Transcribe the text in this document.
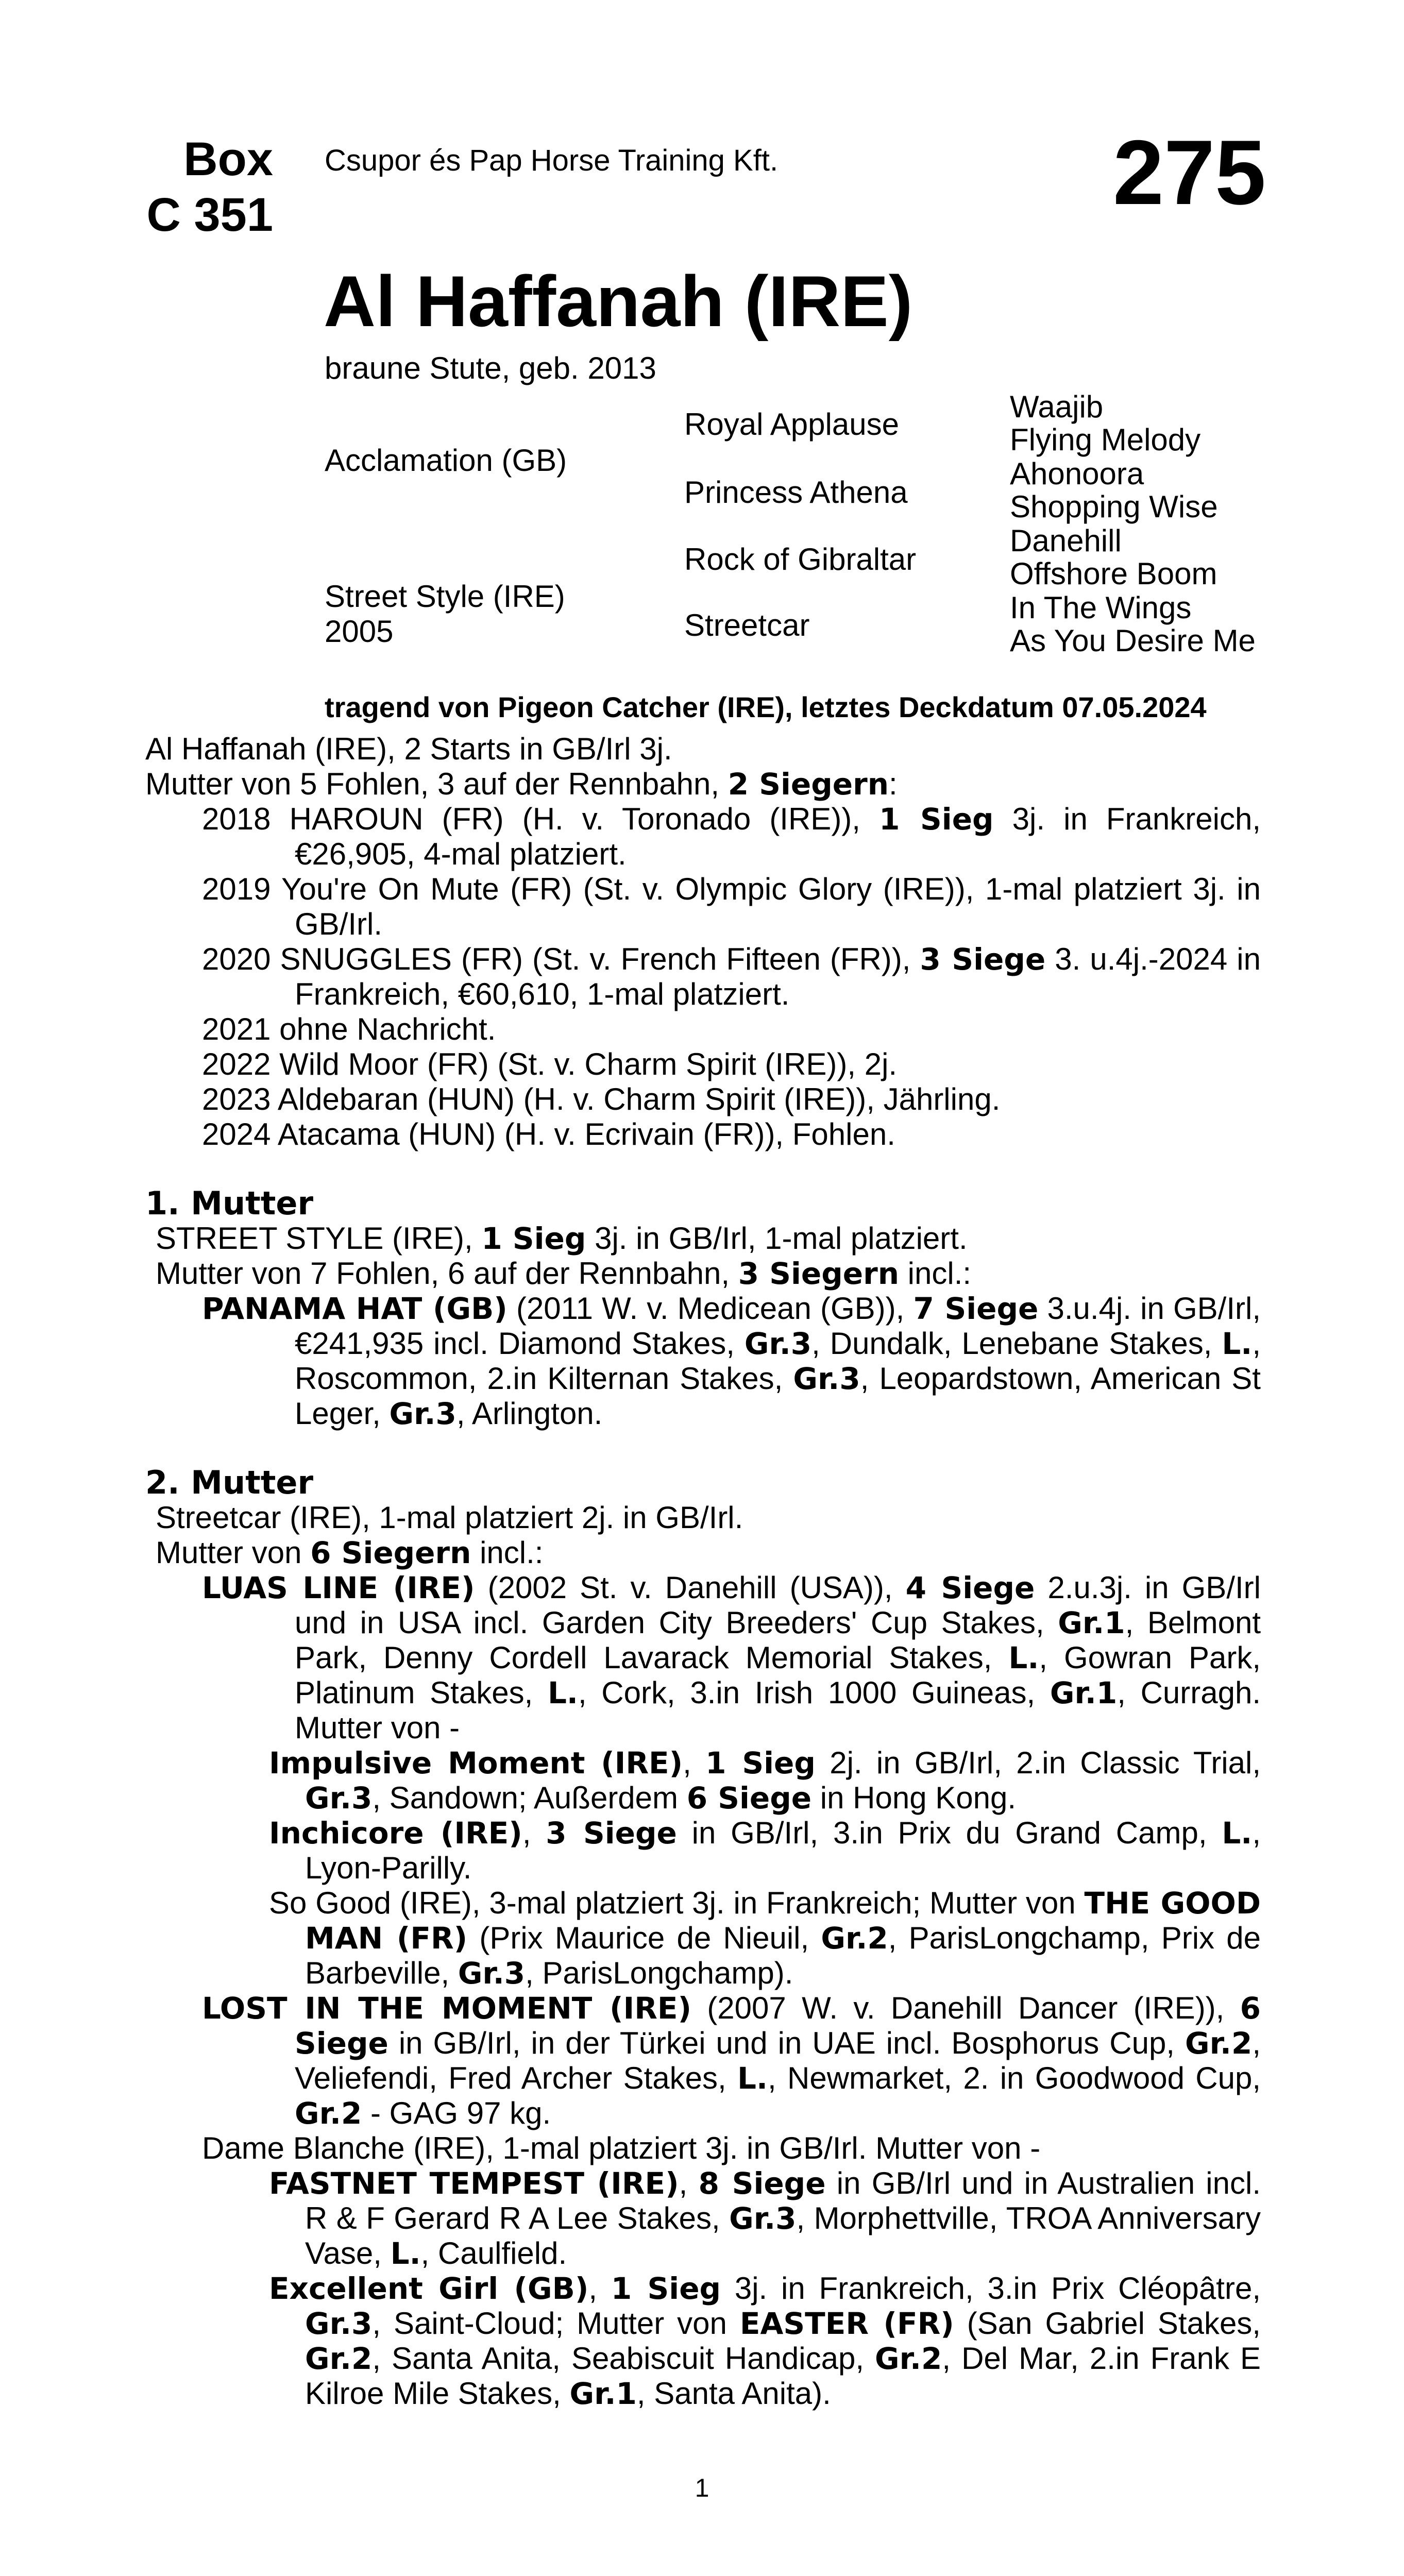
Box
C 351
Csupor és Pap Horse Training Kft.	275
Al Haffanah (IRE)
braune Stute, geb. 2013
Acclamation (GB)
Street Style (IRE)
2005
Royal Applause
Princess Athena
Rock of Gibraltar
Streetcar
Waajib
Flying Melody
Ahonoora
Shopping Wise
Danehill
Offshore Boom
In The Wings
As You Desire Me
tragend von Pigeon Catcher (IRE), letztes Deckdatum 07.05.2024
Al Haffanah (IRE), 2 Starts in GB/Irl 3j.
Mutter von 5 Fohlen, 3 auf der Rennbahn, 2 Siegern:
2018 HAROUN (FR) (H. v. Toronado (IRE)), 1 Sieg 3j. in Frankreich, €26,905, 4-mal platziert.
2019 You're On Mute (FR) (St. v. Olympic Glory (IRE)), 1-mal platziert 3j. in GB/Irl.
2020 SNUGGLES (FR) (St. v. French Fifteen (FR)), 3 Siege 3. u.4j.-2024 in Frankreich, €60,610, 1-mal platziert.
2021 ohne Nachricht.
2022 Wild Moor (FR) (St. v. Charm Spirit (IRE)), 2j.
2023 Aldebaran (HUN) (H. v. Charm Spirit (IRE)), Jährling.
2024 Atacama (HUN) (H. v. Ecrivain (FR)), Fohlen.
1. Mutter
STREET STYLE (IRE), 1 Sieg 3j. in GB/Irl, 1-mal platziert.
Mutter von 7 Fohlen, 6 auf der Rennbahn, 3 Siegern incl.:
PANAMA HAT (GB) (2011 W. v. Medicean (GB)), 7 Siege 3.u.4j. in GB/Irl, €241,935 incl. Diamond Stakes, Gr.3, Dundalk, Lenebane Stakes, L., Roscommon, 2.in Kilternan Stakes, Gr.3, Leopardstown, American St Leger, Gr.3, Arlington.
2. Mutter
Streetcar (IRE), 1-mal platziert 2j. in GB/Irl.
Mutter von 6 Siegern incl.:
LUAS LINE (IRE) (2002 St. v. Danehill (USA)), 4 Siege 2.u.3j. in GB/Irl und in USA incl. Garden City Breeders' Cup Stakes, Gr.1, Belmont Park, Denny Cordell Lavarack Memorial Stakes, L., Gowran Park, Platinum Stakes, L., Cork, 3.in Irish 1000 Guineas, Gr.1, Curragh. Mutter von -
Impulsive Moment (IRE), 1 Sieg 2j. in GB/Irl, 2.in Classic Trial, Gr.3, Sandown; Außerdem 6 Siege in Hong Kong.
Inchicore (IRE), 3 Siege in GB/Irl, 3.in Prix du Grand Camp, L., Lyon-Parilly.
So Good (IRE), 3-mal platziert 3j. in Frankreich; Mutter von THE GOOD MAN (FR) (Prix Maurice de Nieuil, Gr.2, ParisLongchamp, Prix de Barbeville, Gr.3, ParisLongchamp).
LOST IN THE MOMENT (IRE) (2007 W. v. Danehill Dancer (IRE)), 6 Siege in GB/Irl, in der Türkei und in UAE incl. Bosphorus Cup, Gr.2, Veliefendi, Fred Archer Stakes, L., Newmarket, 2. in Goodwood Cup, Gr.2 - GAG 97 kg.
Dame Blanche (IRE), 1-mal platziert 3j. in GB/Irl. Mutter von -
FASTNET TEMPEST (IRE), 8 Siege in GB/Irl und in Australien incl. R & F Gerard R A Lee Stakes, Gr.3, Morphettville, TROA Anniversary Vase, L., Caulfield.
Excellent Girl (GB), 1 Sieg 3j. in Frankreich, 3.in Prix Cléopâtre, Gr.3, Saint-Cloud; Mutter von EASTER (FR) (San Gabriel Stakes, Gr.2, Santa Anita, Seabiscuit Handicap, Gr.2, Del Mar, 2.in Frank E Kilroe Mile Stakes, Gr.1, Santa Anita).
1
